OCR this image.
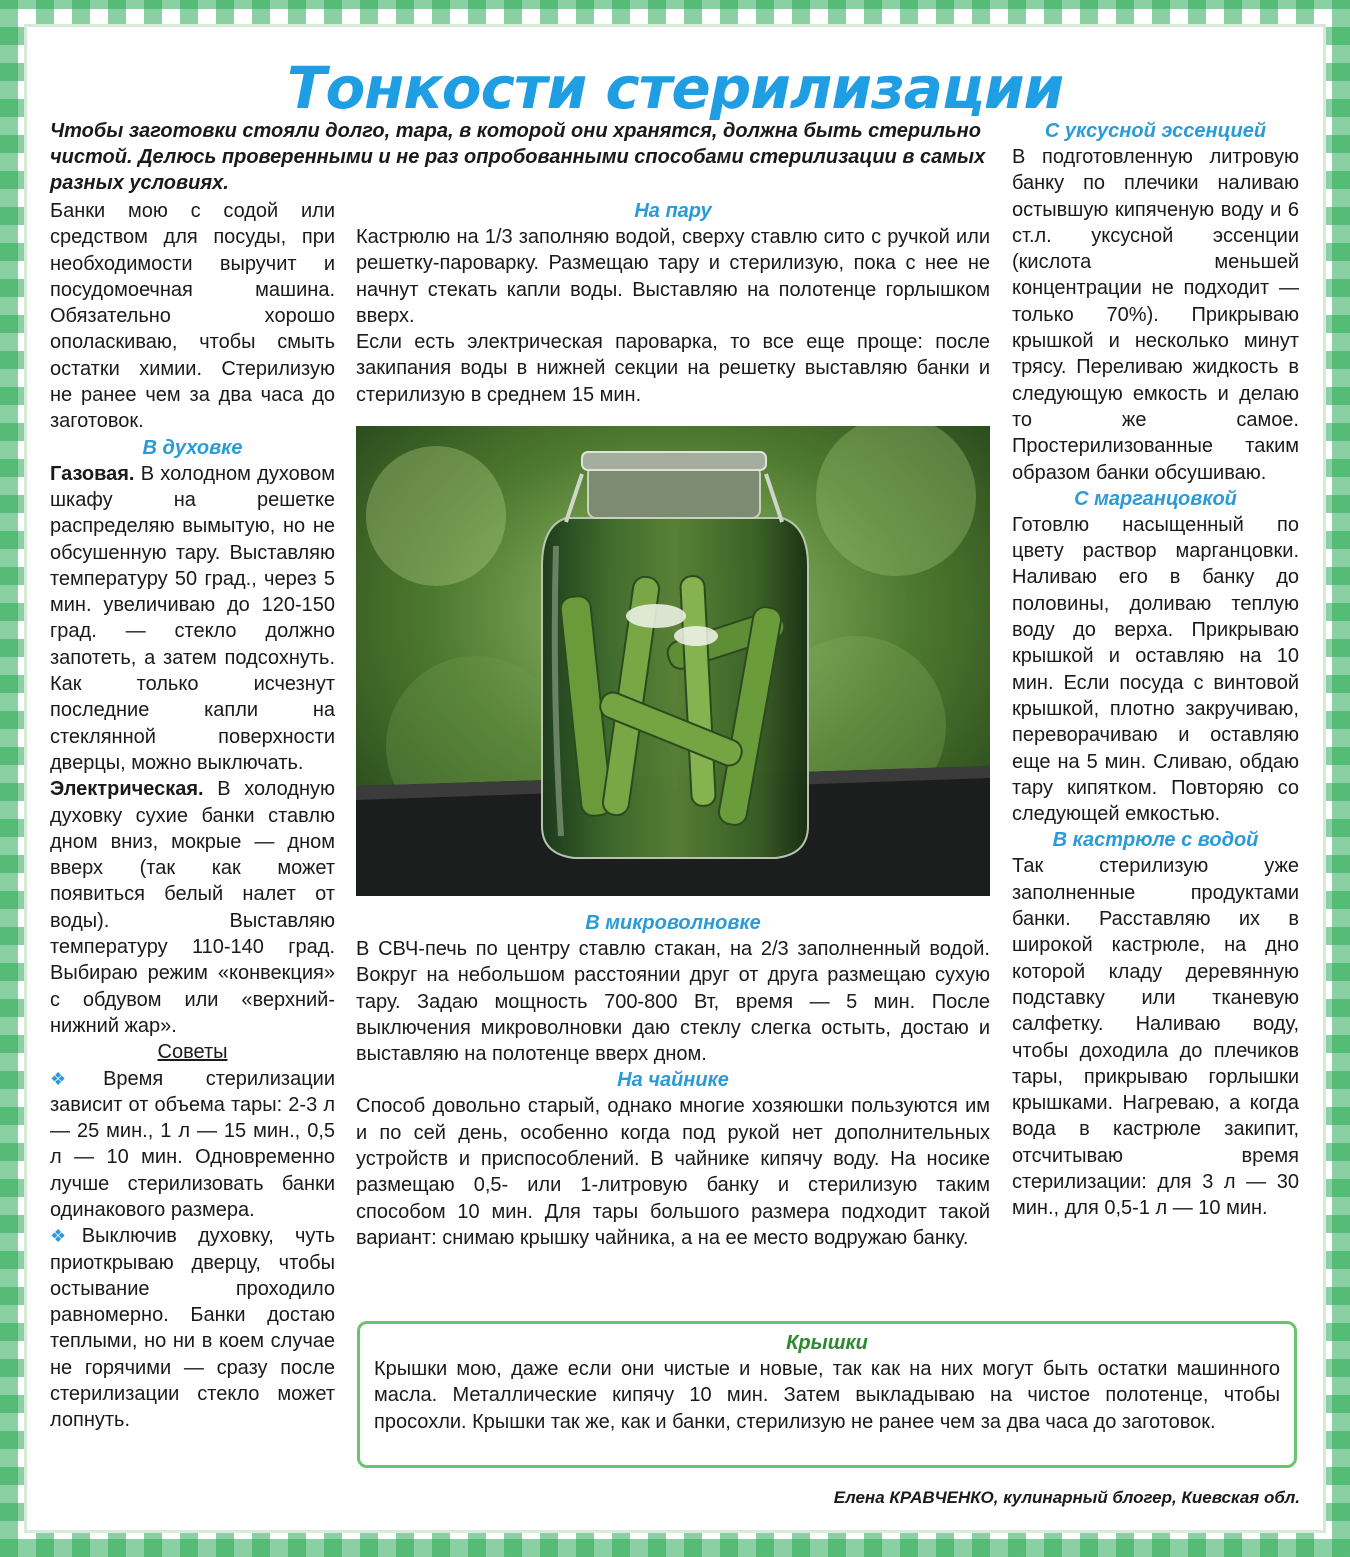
Тонкости стерилизации

Чтобы заготовки стояли долго, тара, в которой они хранятся, должна быть стерильно чистой. Делюсь проверенными и не раз опробованными способами стерилизации в самых разных условиях.

Банки мою с содой или средством для посуды, при необходимости выручит и посудомоечная машина. Обязательно хорошо ополаскиваю, чтобы смыть остатки химии. Стерилизую не ранее чем за два часа до заготовок.

В духовке

Газовая. В холодном духовом шкафу на решетке распределяю вымытую, но не обсушенную тару. Выставляю температуру 50 град., через 5 мин. увеличиваю до 120-150 град. — стекло должно запотеть, а затем подсохнуть. Как только исчезнут последние капли на стеклянной поверхности дверцы, можно выключать.

Электрическая. В холодную духовку сухие банки ставлю дном вниз, мокрые — дном вверх (так как может появиться белый налет от воды). Выставляю температуру 110-140 град. Выбираю режим «конвекция» с обдувом или «верхний-нижний жар».

Советы

❖Время стерилизации зависит от объема тары: 2-3 л — 25 мин., 1 л — 15 мин., 0,5 л — 10 мин. Одновременно лучше стерилизовать банки одинакового размера.

❖Выключив духовку, чуть приоткрываю дверцу, чтобы остывание проходило равномерно. Банки достаю теплыми, но ни в коем случае не горячими — сразу после стерилизации стекло может лопнуть.

На пару

Кастрюлю на 1/3 заполняю водой, сверху ставлю сито с ручкой или решетку-пароварку. Размещаю тару и стерилизую, пока с нее не начнут стекать капли воды. Выставляю на полотенце горлышком вверх.

Если есть электрическая пароварка, то все еще проще: после закипания воды в нижней секции на решетку выставляю банки и стерилизую в среднем 15 мин.

В микроволновке

В СВЧ-печь по центру ставлю стакан, на 2/3 заполненный водой. Вокруг на небольшом расстоянии друг от друга размещаю сухую тару. Задаю мощность 700-800 Вт, время — 5 мин. После выключения микроволновки даю стеклу слегка остыть, достаю и выставляю на полотенце вверх дном.

На чайнике

Способ довольно старый, однако многие хозяюшки пользуются им и по сей день, особенно когда под рукой нет дополнительных устройств и приспособлений. В чайнике кипячу воду. На носике размещаю 0,5- или 1-литровую банку и стерилизую таким способом 10 мин. Для тары большого размера подходит такой вариант: снимаю крышку чайника, а на ее место водружаю банку.

С уксусной эссенцией

В подготовленную литровую банку по плечики наливаю остывшую кипяченую воду и 6 ст.л. уксусной эссенции (кислота меньшей концентрации не подходит — только 70%). Прикрываю крышкой и несколько минут трясу. Переливаю жидкость в следующую емкость и делаю то же самое. Простерилизованные таким образом банки обсушиваю.

С марганцовкой

Готовлю насыщенный по цвету раствор марганцовки. Наливаю его в банку до половины, доливаю теплую воду до верха. Прикрываю крышкой и оставляю на 10 мин. Если посуда с винтовой крышкой, плотно закручиваю, переворачиваю и оставляю еще на 5 мин. Сливаю, обдаю тару кипятком. Повторяю со следующей емкостью.

В кастрюле с водой

Так стерилизую уже заполненные продуктами банки. Расставляю их в широкой кастрюле, на дно которой кладу деревянную подставку или тканевую салфетку. Наливаю воду, чтобы доходила до плечиков тары, прикрываю горлышки крышками. Нагреваю, а когда вода в кастрюле закипит, отсчитываю время стерилизации: для 3 л — 30 мин., для 0,5-1 л — 10 мин.

Крышки

Крышки мою, даже если они чистые и новые, так как на них могут быть остатки машинного масла. Металлические кипячу 10 мин. Затем выкладываю на чистое полотенце, чтобы просохли. Крышки так же, как и банки, стерилизую не ранее чем за два часа до заготовок.

Елена КРАВЧЕНКО, кулинарный блогер, Киевская обл.
